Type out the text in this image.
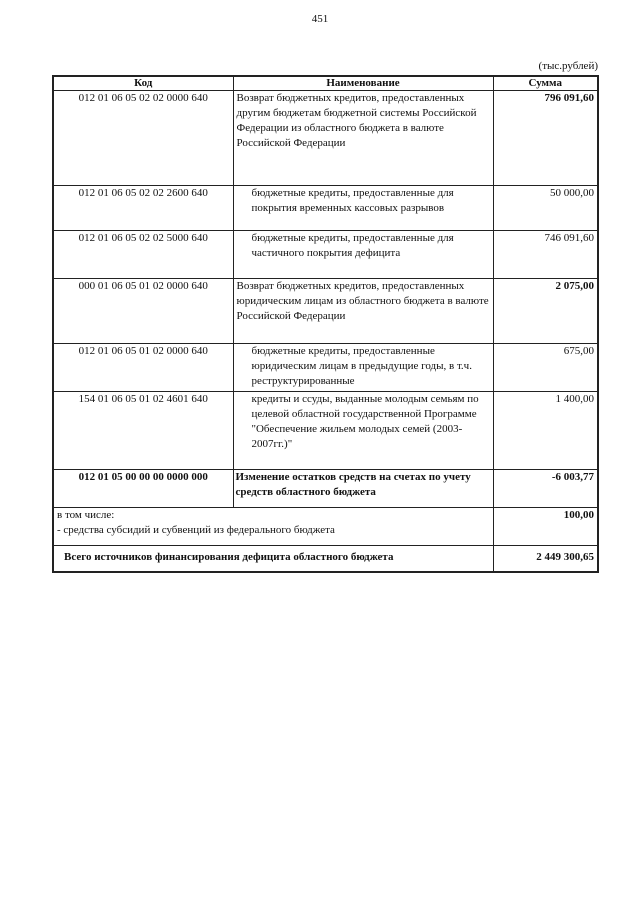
451
(тыс.рублей)
Код	Наименование	Сумма
012 01 06 05 02 02 0000 640	Возврат бюджетных кредитов, предоставленных другим бюджетам бюджетной системы Российской Федерации из областного бюджета в валюте Российской Федерации	796 091,60
012 01 06 05 02 02 2600 640	бюджетные кредиты, предоставленные для покрытия временных кассовых разрывов	50 000,00
012 01 06 05 02 02 5000 640	бюджетные кредиты, предоставленные для частичного покрытия дефицита	746 091,60
000 01 06 05 01 02 0000 640	Возврат бюджетных кредитов, предоставленных юридическим лицам из областного бюджета в валюте Российской Федерации	2 075,00
012 01 06 05 01 02 0000 640	бюджетные кредиты, предоставленные юридическим лицам в предыдущие годы, в т.ч. реструктурированные	675,00
154 01 06 05 01 02 4601 640	кредиты и ссуды, выданные молодым семьям по целевой областной государственной Программе "Обеспечение жильем молодых семей (2003-2007гг.)"	1 400,00
012 01 05 00 00 00 0000 000	Изменение остатков средств на счетах по учету средств областного бюджета	-6 003,77

в том числе:
- средства субсидий и субвенций из федерального бюджета		100,00
Всего источников финансирования дефицита областного бюджета		2 449 300,65
